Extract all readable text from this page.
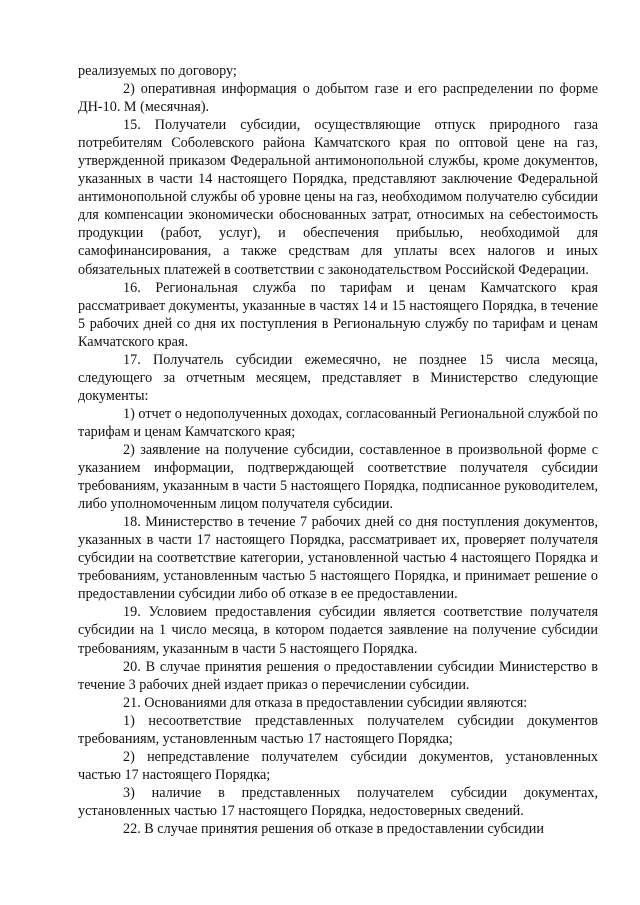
реализуемых по договору;

2) оперативная информация о добытом газе и его распределении по форме ДН-10. М (месячная).

15. Получатели субсидии, осуществляющие отпуск природного газа потребителям Соболевского района Камчатского края по оптовой цене на газ, утвержденной приказом Федеральной антимонопольной службы, кроме документов, указанных в части 14 настоящего Порядка, представляют заключение Федеральной антимонопольной службы об уровне цены на газ, необходимом получателю субсидии для компенсации экономически обоснованных затрат, относимых на себестоимость продукции (работ, услуг), и обеспечения прибылью, необходимой для самофинансирования, а также средствам для уплаты всех налогов и иных обязательных платежей в соответствии с законодательством Российской Федерации.

16. Региональная служба по тарифам и ценам Камчатского края рассматривает документы, указанные в частях 14 и 15 настоящего Порядка, в течение 5 рабочих дней со дня их поступления в Региональную службу по тарифам и ценам Камчатского края.

17. Получатель субсидии ежемесячно, не позднее 15 числа месяца, следующего за отчетным месяцем, представляет в Министерство следующие документы:

1) отчет о недополученных доходах, согласованный Региональной службой по тарифам и ценам Камчатского края;

2) заявление на получение субсидии, составленное в произвольной форме с указанием информации, подтверждающей соответствие получателя субсидии требованиям, указанным в части 5 настоящего Порядка, подписанное руководителем, либо уполномоченным лицом получателя субсидии.

18. Министерство в течение 7 рабочих дней со дня поступления документов, указанных в части 17 настоящего Порядка, рассматривает их, проверяет получателя субсидии на соответствие категории, установленной частью 4 настоящего Порядка и требованиям, установленным частью 5 настоящего Порядка, и принимает решение о предоставлении субсидии либо об отказе в ее предоставлении.

19. Условием предоставления субсидии является соответствие получателя субсидии на 1 число месяца, в котором подается заявление на получение субсидии требованиям, указанным в части 5 настоящего Порядка.

20. В случае принятия решения о предоставлении субсидии Министерство в течение 3 рабочих дней издает приказ о перечислении субсидии.

21. Основаниями для отказа в предоставлении субсидии являются:

1) несоответствие представленных получателем субсидии документов требованиям, установленным частью 17 настоящего Порядка;

2) непредставление получателем субсидии документов, установленных частью 17 настоящего Порядка;

3) наличие в представленных получателем субсидии документах, установленных частью 17 настоящего Порядка, недостоверных сведений.

22. В случае принятия решения об отказе в предоставлении субсидии
